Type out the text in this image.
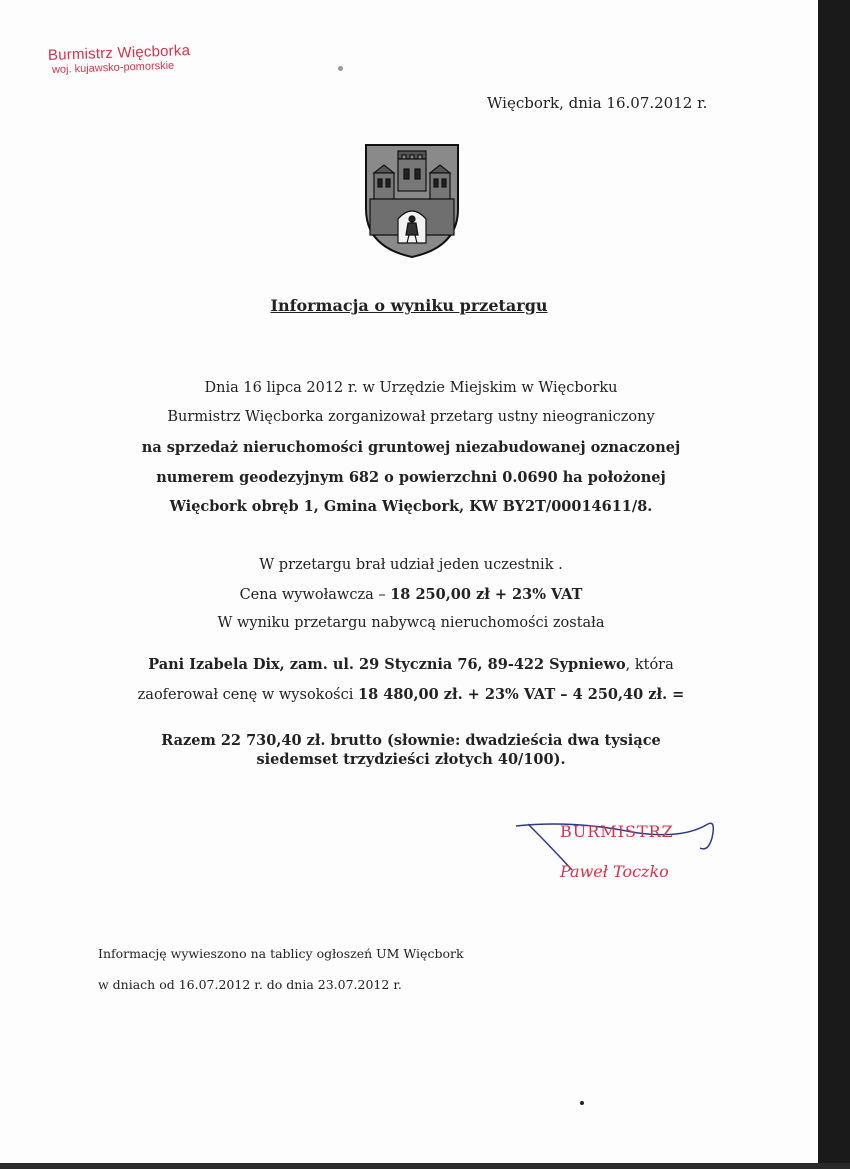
Burmistrz Więcborka
woj. kujawsko-pomorskie
Więcbork, dnia 16.07.2012 r.
Informacja o wyniku przetargu
Dnia 16 lipca 2012 r. w Urzędzie Miejskim w Więcborku
Burmistrz Więcborka zorganizował przetarg ustny nieograniczony
na sprzedaż nieruchomości gruntowej niezabudowanej oznaczonej
numerem geodezyjnym 682 o powierzchni 0.0690 ha położonej
Więcbork obręb 1, Gmina Więcbork, KW BY2T/00014611/8.
W przetargu brał udział jeden uczestnik .
Cena wywoławcza – 18 250,00 zł + 23% VAT
W wyniku przetargu nabywcą nieruchomości została
Pani Izabela Dix, zam. ul. 29 Stycznia 76, 89-422 Sypniewo, która
zaoferował cenę w wysokości 18 480,00 zł. + 23% VAT – 4 250,40 zł. =
Razem 22 730,40 zł. brutto (słownie: dwadzieścia dwa tysiące
siedemset trzydzieści złotych 40/100).
BURMISTRZ
Paweł Toczko
Informację wywieszono na tablicy ogłoszeń UM Więcbork
w dniach od 16.07.2012 r. do dnia 23.07.2012 r.
